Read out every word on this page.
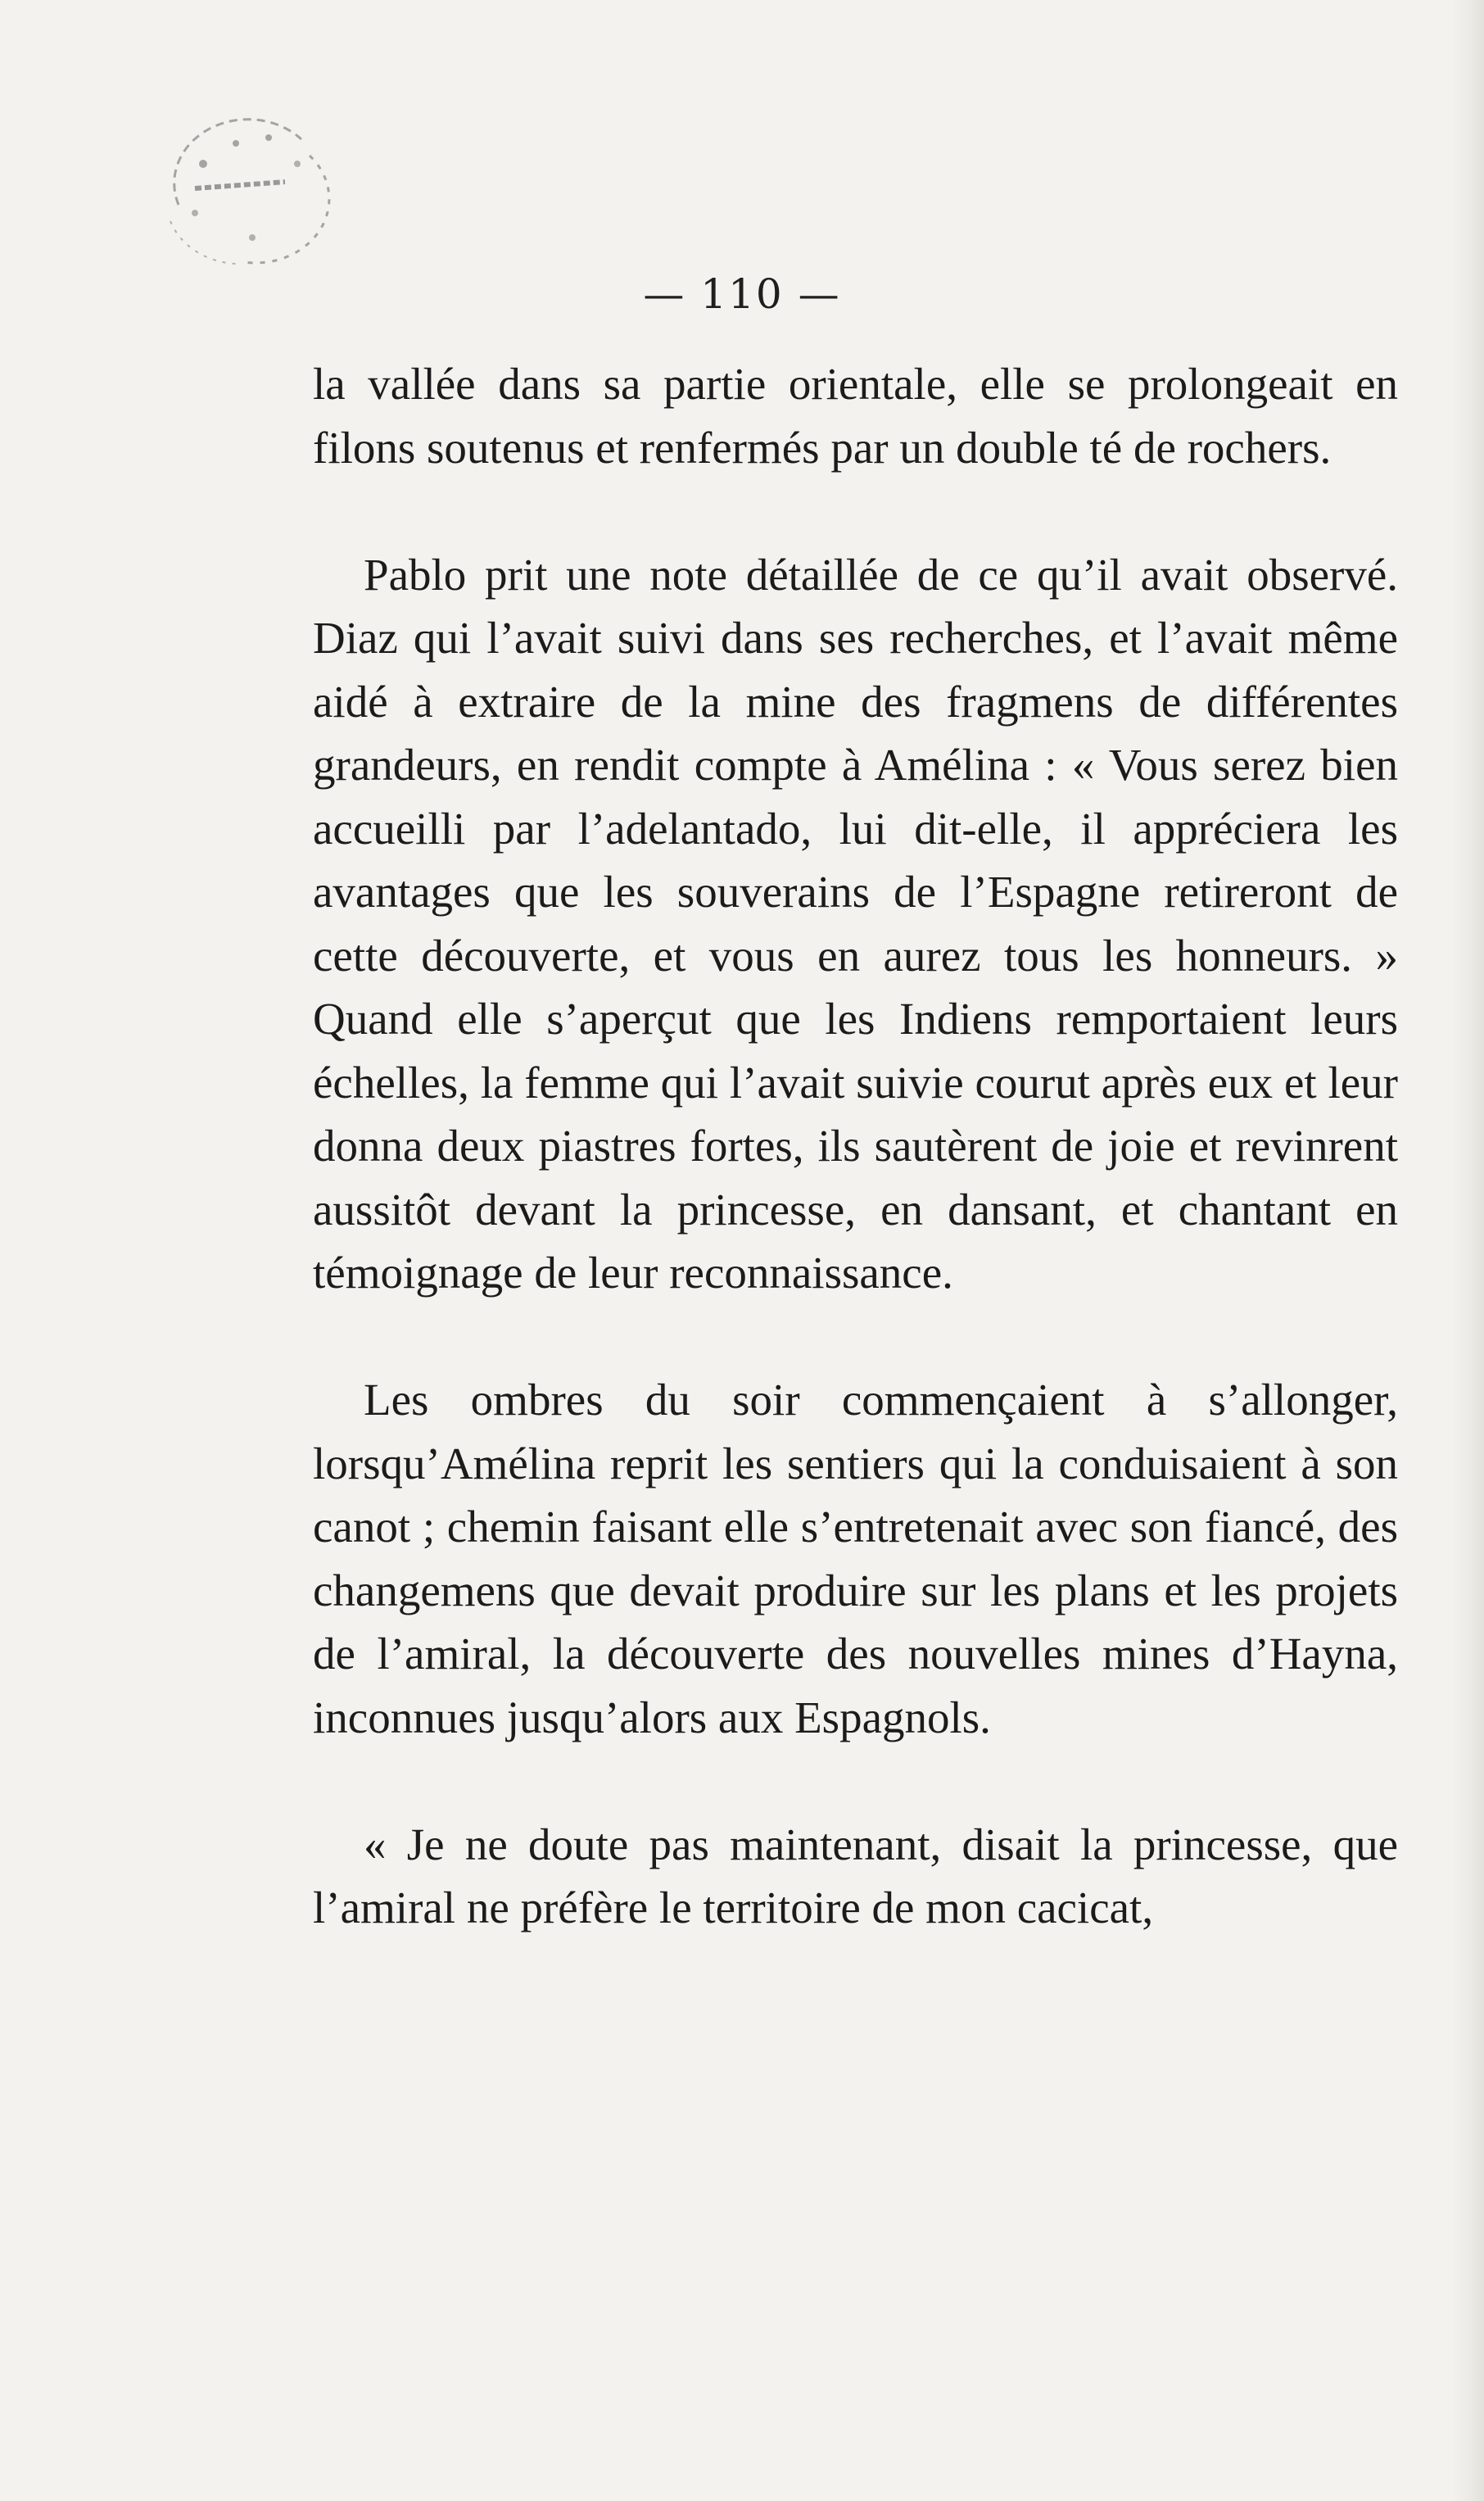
— 110 —

la vallée dans sa partie orientale, elle se prolongeait en filons soutenus et renfermés par un double té de rochers.

Pablo prit une note détaillée de ce qu’il avait observé. Diaz qui l’avait suivi dans ses recherches, et l’avait même aidé à extraire de la mine des fragmens de différentes grandeurs, en rendit compte à Amélina : « Vous serez bien accueilli par l’adelantado, lui dit-elle, il appréciera les avantages que les souverains de l’Espagne retireront de cette découverte, et vous en aurez tous les honneurs. » Quand elle s’aperçut que les Indiens remportaient leurs échelles, la femme qui l’avait suivie courut après eux et leur donna deux piastres fortes, ils sautèrent de joie et revinrent aussitôt devant la princesse, en dansant, et chantant en témoignage de leur reconnaissance.

Les ombres du soir commençaient à s’allonger, lorsqu’Amélina reprit les sentiers qui la conduisaient à son canot ; chemin faisant elle s’entretenait avec son fiancé, des changemens que devait produire sur les plans et les projets de l’amiral, la découverte des nouvelles mines d’Hayna, inconnues jusqu’alors aux Espagnols.

« Je ne doute pas maintenant, disait la princesse, que l’amiral ne préfère le territoire de mon cacicat,
